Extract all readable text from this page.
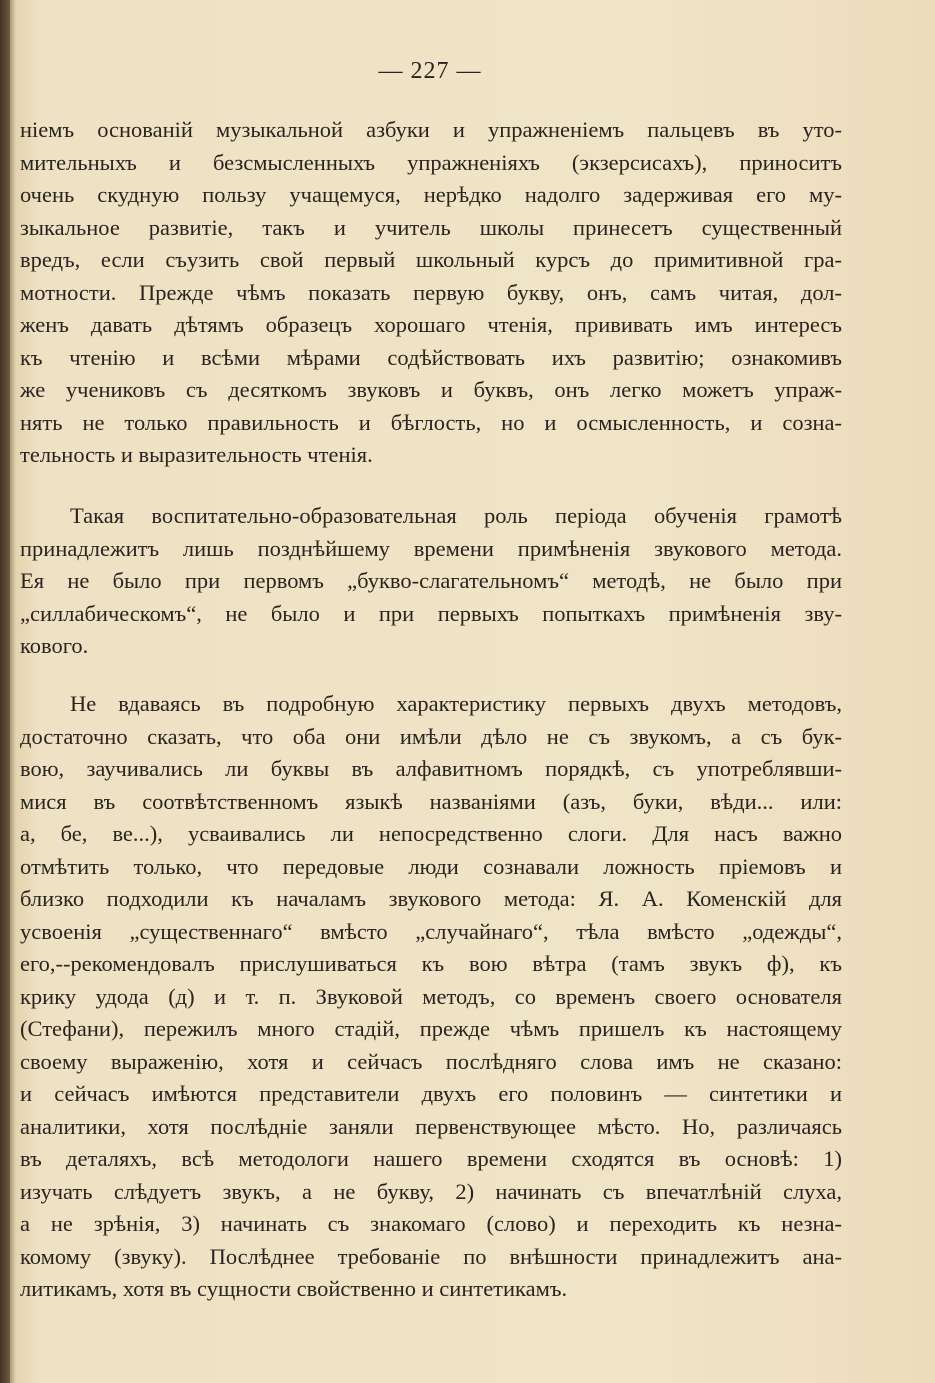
— 227 —
ніемъ основаній музыкальной азбуки и упражненіемъ пальцевъ въ уто-
мительныхъ и безсмысленныхъ упражненіяхъ (экзерсисахъ), приноситъ
очень скудную пользу учащемуся, нерѣдко надолго задерживая его му-
зыкальное развитіе, такъ и учитель школы принесетъ существенный
вредъ, если съузить свой первый школьный курсъ до примитивной гра-
мотности. Прежде чѣмъ показать первую букву, онъ, самъ читая, дол-
женъ давать дѣтямъ образецъ хорошаго чтенія, прививать имъ интересъ
къ чтенію и всѣми мѣрами содѣйствовать ихъ развитію; ознакомивъ
же учениковъ съ десяткомъ звуковъ и буквъ, онъ легко можетъ упраж-
нять не только правильность и бѣглость, но и осмысленность, и созна-
тельность и выразительность чтенія.
Такая воспитательно-образовательная роль періода обученія грамотѣ
принадлежитъ лишь позднѣйшему времени примѣненія звукового метода.
Ея не было при первомъ „букво-слагательномъ“ методѣ, не было при
„силлабическомъ“, не было и при первыхъ попыткахъ примѣненія зву-
кового.
Не вдаваясь въ подробную характеристику первыхъ двухъ методовъ,
достаточно сказать, что оба они имѣли дѣло не съ звукомъ, а съ бук-
вою, заучивались ли буквы въ алфавитномъ порядкѣ, съ употреблявши-
мися въ соотвѣтственномъ языкѣ названіями (азъ, буки, вѣди... или:
а, бе, ве...), усваивались ли непосредственно слоги. Для насъ важно
отмѣтить только, что передовые люди сознавали ложность пріемовъ и
близко подходили къ началамъ звукового метода: Я. А. Коменскій для
усвоенія „существеннаго“ вмѣсто „случайнаго“, тѣла вмѣсто „одежды“,
его,--рекомендовалъ прислушиваться къ вою вѣтра (тамъ звукъ ф), къ
крику удода (д) и т. п. Звуковой методъ, со временъ своего основателя
(Стефани), пережилъ много стадій, прежде чѣмъ пришелъ къ настоящему
своему выраженію, хотя и сейчасъ послѣдняго слова имъ не сказано:
и сейчасъ имѣются представители двухъ его половинъ — синтетики и
аналитики, хотя послѣдніе заняли первенствующее мѣсто. Но, различаясь
въ деталяхъ, всѣ методологи нашего времени сходятся въ основѣ: 1)
изучать слѣдуетъ звукъ, а не букву, 2) начинать съ впечатлѣній слуха,
а не зрѣнія, 3) начинать съ знакомаго (слово) и переходить къ незна-
комому (звуку). Послѣднее требованіе по внѣшности принадлежитъ ана-
литикамъ, хотя въ сущности свойственно и синтетикамъ.
